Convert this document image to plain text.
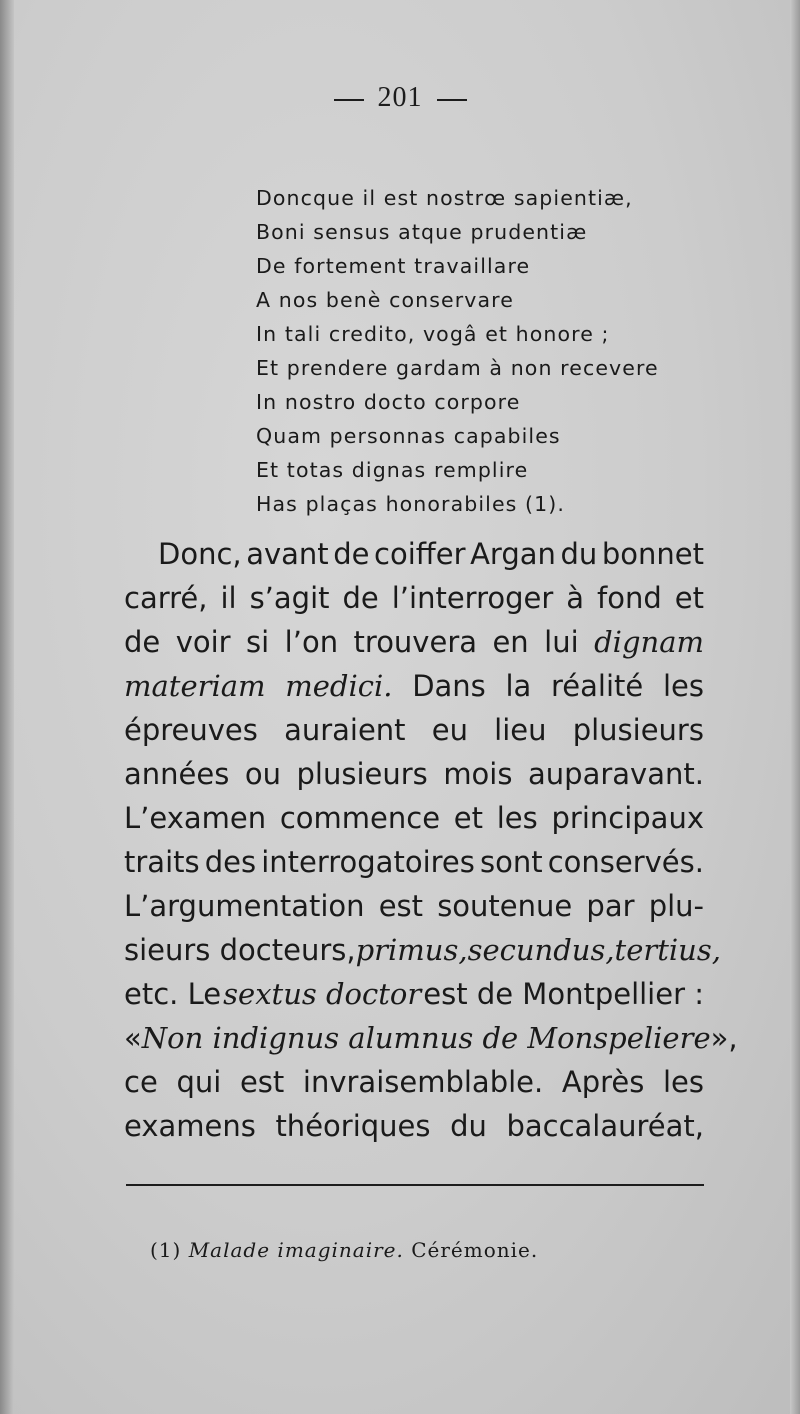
201
Doncque il est nostrœ sapientiæ,
Boni sensus atque prudentiæ
De fortement travaillare
A nos benè conservare
In tali credito, vogâ et honore ;
Et prendere gardam à non recevere
In nostro docto corpore
Quam personnas capabiles
Et totas dignas remplire
Has plaças honorabiles (1).
Donc, avant de coiffer Argan du bonnet
carré, il s’agit de l’interroger à fond et
de voir si l’on trouvera en lui dignam
materiam medici. Dans la réalité les
épreuves auraient eu lieu plusieurs
années ou plusieurs mois auparavant.
L’examen commence et les principaux
traits des interrogatoires sont conservés.
L’argumentation est soutenue par plu-
sieurs docteurs, primus, secundus, tertius,
etc. Le sextus doctor est de Montpellier :
«Non indignus alumnus de Monspeliere »,
ce qui est invraisemblable. Après les
examens théoriques du baccalauréat,
(1) Malade imaginaire. Cérémonie.
